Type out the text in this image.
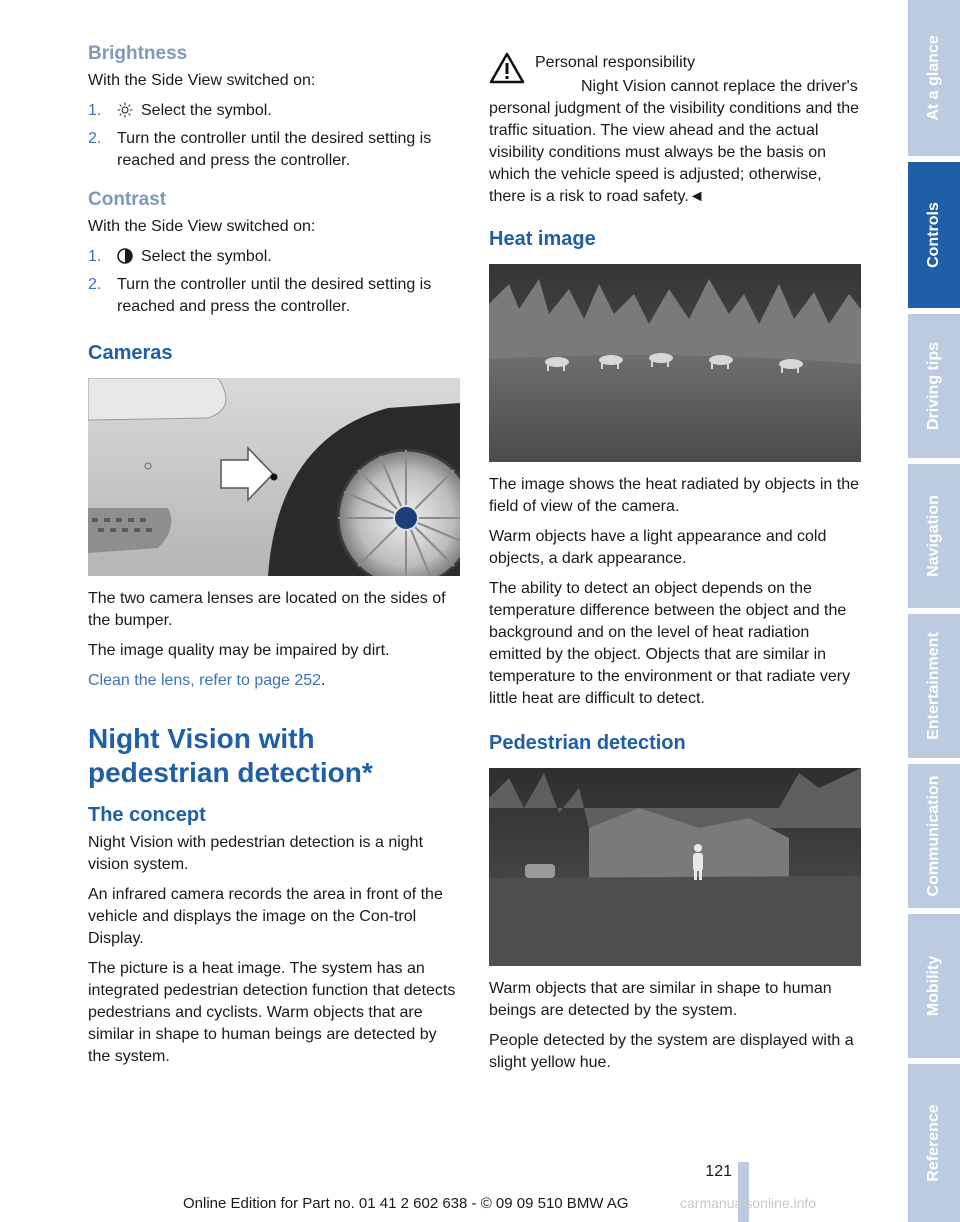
Brightness

With the Side View switched on:

1. Select the symbol.
2. Turn the controller until the desired setting is reached and press the controller.
Contrast

With the Side View switched on:

1. Select the symbol.
2. Turn the controller until the desired setting is reached and press the controller.
Cameras

The two camera lenses are located on the sides of the bumper.

The image quality may be impaired by dirt.

Clean the lens, refer to page 252.

Night Vision with pedestrian detection*
The concept

Night Vision with pedestrian detection is a night vision system.

An infrared camera records the area in front of the vehicle and displays the image on the Con-trol Display.

The picture is a heat image. The system has an integrated pedestrian detection function that detects pedestrians and cyclists. Warm objects that are similar in shape to human beings are detected by the system.

Personal responsibility

Night Vision cannot replace the driver's personal judgment of the visibility conditions and the traffic situation. The view ahead and the actual visibility conditions must always be the basis on which the vehicle speed is adjusted; otherwise, there is a risk to road safety.◄

Heat image

The image shows the heat radiated by objects in the field of view of the camera.

Warm objects have a light appearance and cold objects, a dark appearance.

The ability to detect an object depends on the temperature difference between the object and the background and on the level of heat radiation emitted by the object. Objects that are similar in temperature to the environment or that radiate very little heat are difficult to detect.

Pedestrian detection

Warm objects that are similar in shape to human beings are detected by the system.

People detected by the system are displayed with a slight yellow hue.

At a glance
Controls
Driving tips
Navigation
Entertainment
Communication
Mobility
Reference
121
Online Edition for Part no. 01 41 2 602 638 - © 09 09 510 BMW AG	carmanualsonline.info
